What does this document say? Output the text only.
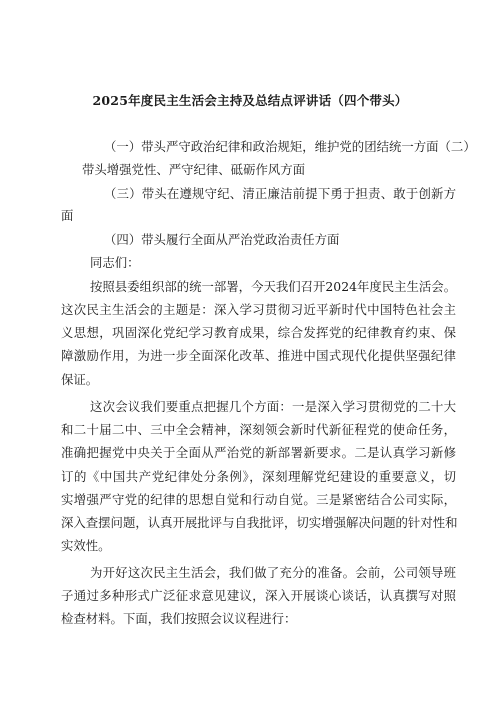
2025年度民主生活会主持及总结点评讲话（四个带头）
（一）带头严守政治纪律和政治规矩，维护党的团结统一方面（二）
带头增强党性、严守纪律、砥砺作风方面
（三）带头在遵规守纪、清正廉洁前提下勇于担责、敢于创新方
面
（四）带头履行全面从严治党政治责任方面
同志们：
按照县委组织部的统一部署，今天我们召开2024年度民主生活会。
这次民主生活会的主题是：深入学习贯彻习近平新时代中国特色社会主
义思想，巩固深化党纪学习教育成果，综合发挥党的纪律教育约束、保
障激励作用，为进一步全面深化改革、推进中国式现代化提供坚强纪律
保证。
这次会议我们要重点把握几个方面：一是深入学习贯彻党的二十大
和二十届二中、三中全会精神，深刻领会新时代新征程党的使命任务，
准确把握党中央关于全面从严治党的新部署新要求。二是认真学习新修
订的《中国共产党纪律处分条例》，深刻理解党纪建设的重要意义，切
实增强严守党的纪律的思想自觉和行动自觉。三是紧密结合公司实际，
深入查摆问题，认真开展批评与自我批评，切实增强解决问题的针对性和
实效性。
为开好这次民主生活会，我们做了充分的准备。会前，公司领导班
子通过多种形式广泛征求意见建议，深入开展谈心谈话，认真撰写对照
检查材料。下面，我们按照会议议程进行：
